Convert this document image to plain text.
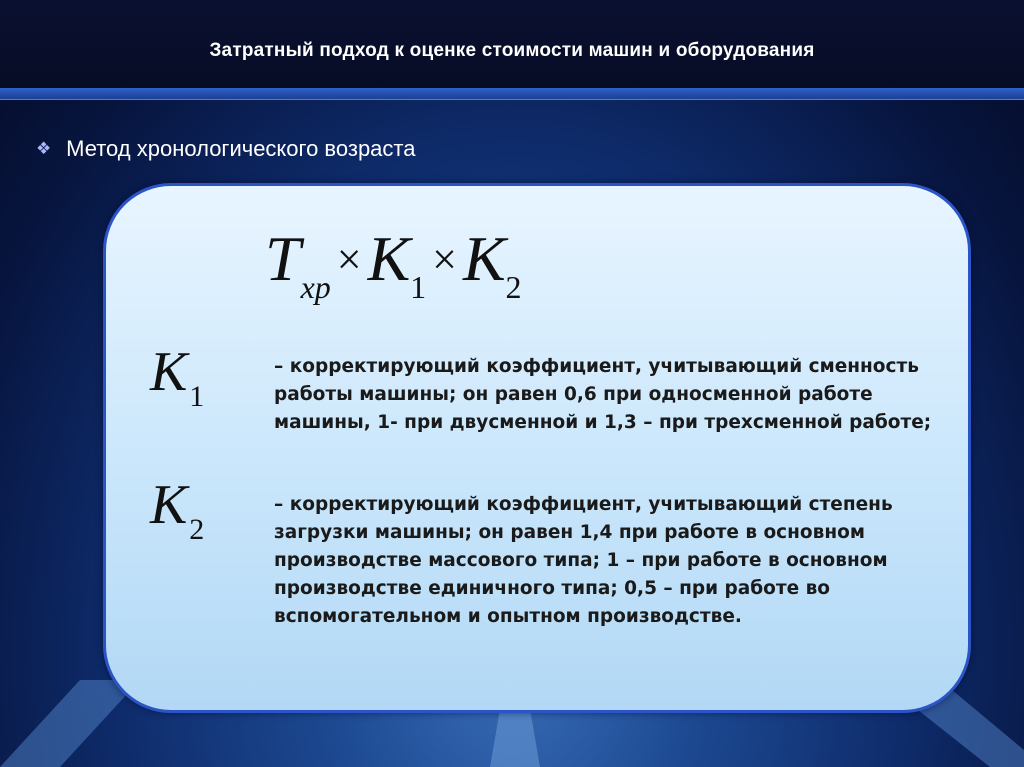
Затратный подход к оценке стоимости машин и оборудования
❖ Метод хронологического возраста
Тхр×К1×К2
К1
– корректирующий коэффициент, учитывающий сменность работы машины; он равен 0,6 при односменной работе машины, 1- при двусменной и 1,3 – при трехсменной работе;
К2
– корректирующий коэффициент, учитывающий степень загрузки машины; он равен 1,4 при работе в основном производстве массового типа; 1 – при работе в основном производстве единичного типа; 0,5 – при работе во вспомогательном и опытном производстве.
